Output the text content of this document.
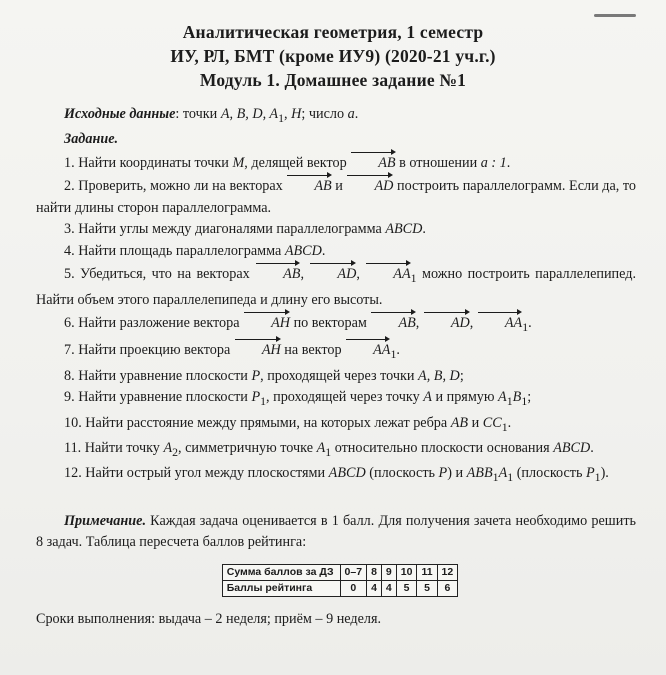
Аналитическая геометрия, 1 семестр
ИУ, РЛ, БМТ (кроме ИУ9) (2020-21 уч.г.)
Модуль 1. Домашнее задание №1

Исходные данные: точки A, B, D, $A_1$, H; число a.

Задание.

1. Найти координаты точки M, делящей вектор AB в отношении a : 1.

2. Проверить, можно ли на векторах AB и AD построить параллелограмм. Если да, то найти длины сторон параллелограмма.

3. Найти углы между диагоналями параллелограмма ABCD.

4. Найти площадь параллелограмма ABCD.

5. Убедиться, что на векторах AB, AD, $AA_1$ можно построить параллелепипед. Найти объем этого параллелепипеда и длину его высоты.

6. Найти разложение вектора AH по векторам AB, AD, $AA_1$.

7. Найти проекцию вектора AH на вектор $AA_1$.

8. Найти уравнение плоскости P, проходящей через точки A, B, D;

9. Найти уравнение плоскости $P_1$, проходящей через точку A и прямую $A_1B_1$;

10. Найти расстояние между прямыми, на которых лежат ребра AB и $CC_1$.

11. Найти точку $A_2$, симметричную точке $A_1$ относительно плоскости основания ABCD.

12. Найти острый угол между плоскостями ABCD (плоскость P) и $ABB_1A_1$ (плоскость $P_1$).

Примечание. Каждая задача оценивается в 1 балл. Для получения зачета необходимо решить 8 задач. Таблица пересчета баллов рейтинга:

Сумма баллов за ДЗ	0–7	8	9	10	11	12
Баллы рейтинга	0	4	4	5	5	6

Сроки выполнения: выдача – 2 неделя; приём – 9 неделя.
